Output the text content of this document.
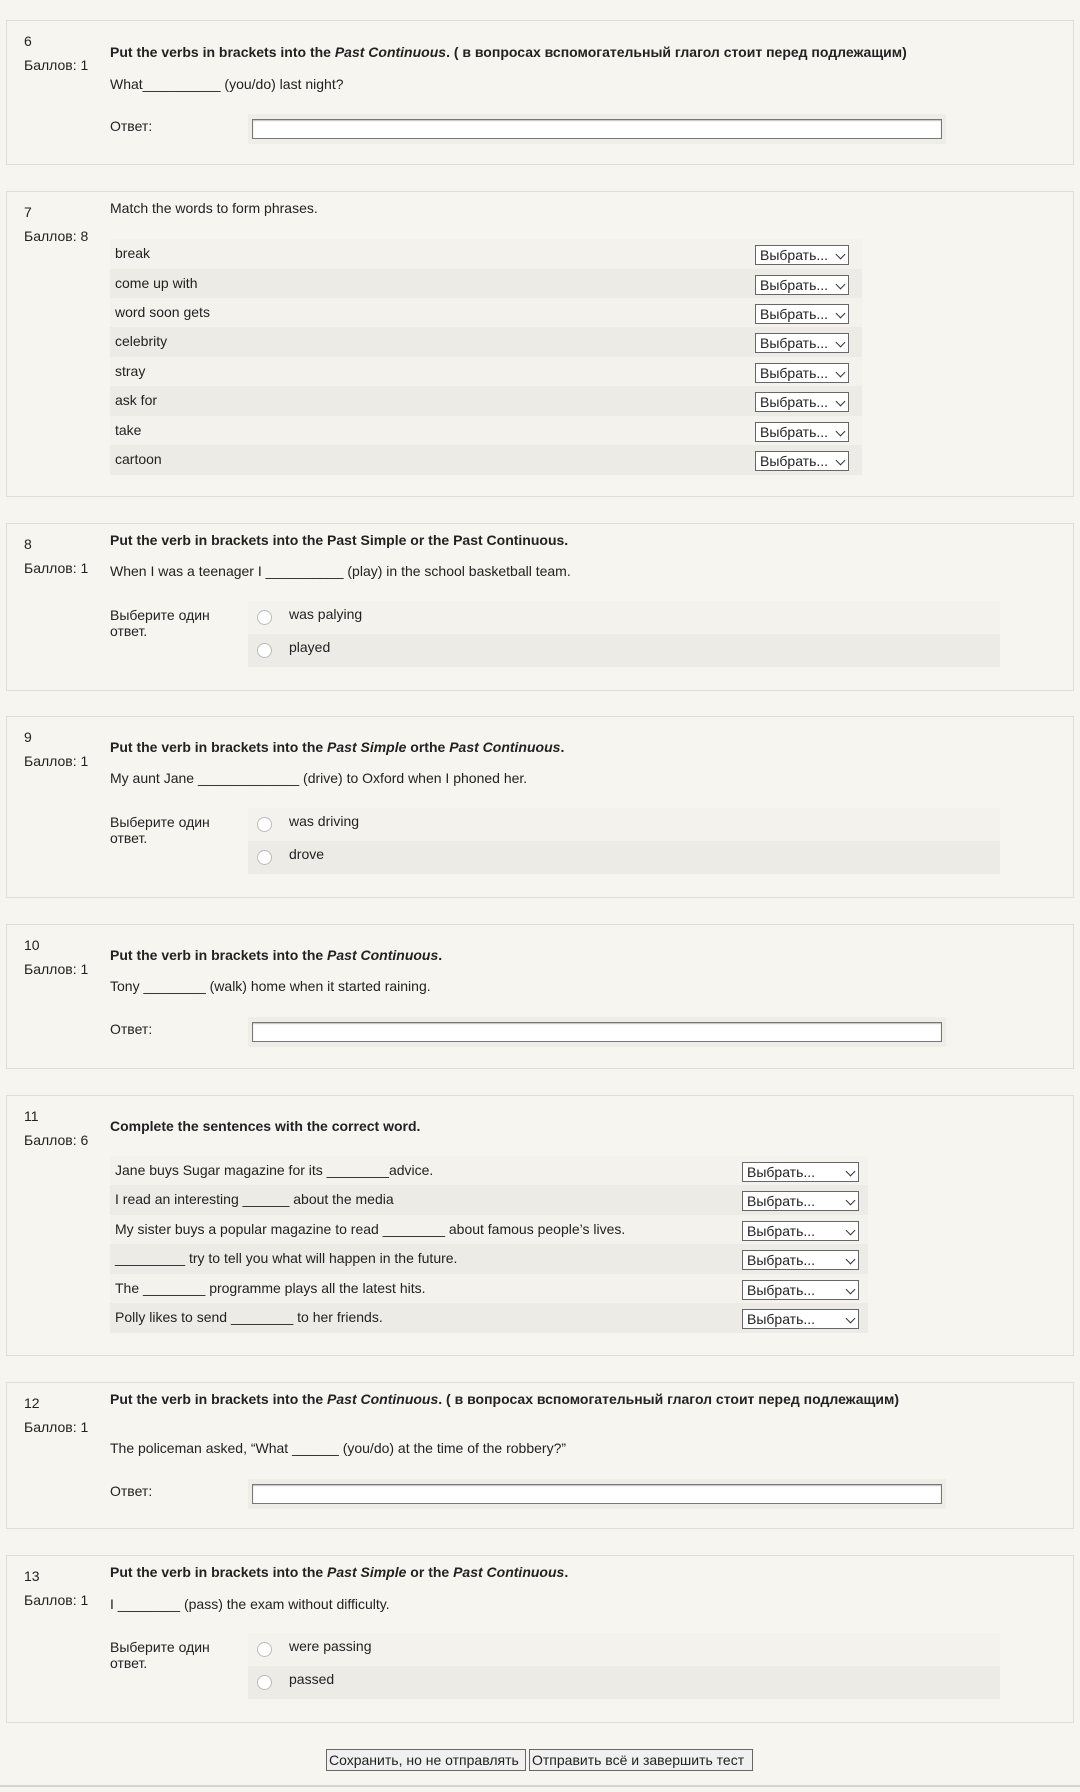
6
Баллов: 1
Put the verbs in brackets into the Past Continuous. ( в вопросах вспомогательный глагол стоит перед подлежащим)
What__________ (you/do) last night?
Ответ:
7
Баллов: 8
Match the words to form phrases.
break	Выбрать...
come up with	Выбрать...
word soon gets	Выбрать...
celebrity	Выбрать...
stray	Выбрать...
ask for	Выбрать...
take	Выбрать...
cartoon	Выбрать...
8
Баллов: 1
Put the verb in brackets into the Past Simple or the Past Continuous.
When I was a teenager I __________ (play) in the school basketball team.
Выберите один ответ.
was palying
played
9
Баллов: 1
Put the verb in brackets into the Past Simple orthe Past Continuous.
My aunt Jane _____________ (drive) to Oxford when I phoned her.
Выберите один ответ.
was driving
drove
10
Баллов: 1
Put the verb in brackets into the Past Continuous.
Tony ________ (walk) home when it started raining.
Ответ:
11
Баллов: 6
Complete the sentences with the correct word.
Jane buys Sugar magazine for its ________advice.	Выбрать...
I read an interesting ______ about the media	Выбрать...
My sister buys a popular magazine to read ________ about famous people’s lives.	Выбрать...
_________ try to tell you what will happen in the future.	Выбрать...
The ________ programme plays all the latest hits.	Выбрать...
Polly likes to send ________ to her friends.	Выбрать...
12
Баллов: 1
Put the verb in brackets into the Past Continuous. ( в вопросах вспомогательный глагол стоит перед подлежащим)
The policeman asked, “What ______ (you/do) at the time of the robbery?”
Ответ:
13
Баллов: 1
Put the verb in brackets into the Past Simple or the Past Continuous.
I ________ (pass) the exam without difficulty.
Выберите один ответ.
were passing
passed
Сохранить, но не отправлять Отправить всё и завершить тест
